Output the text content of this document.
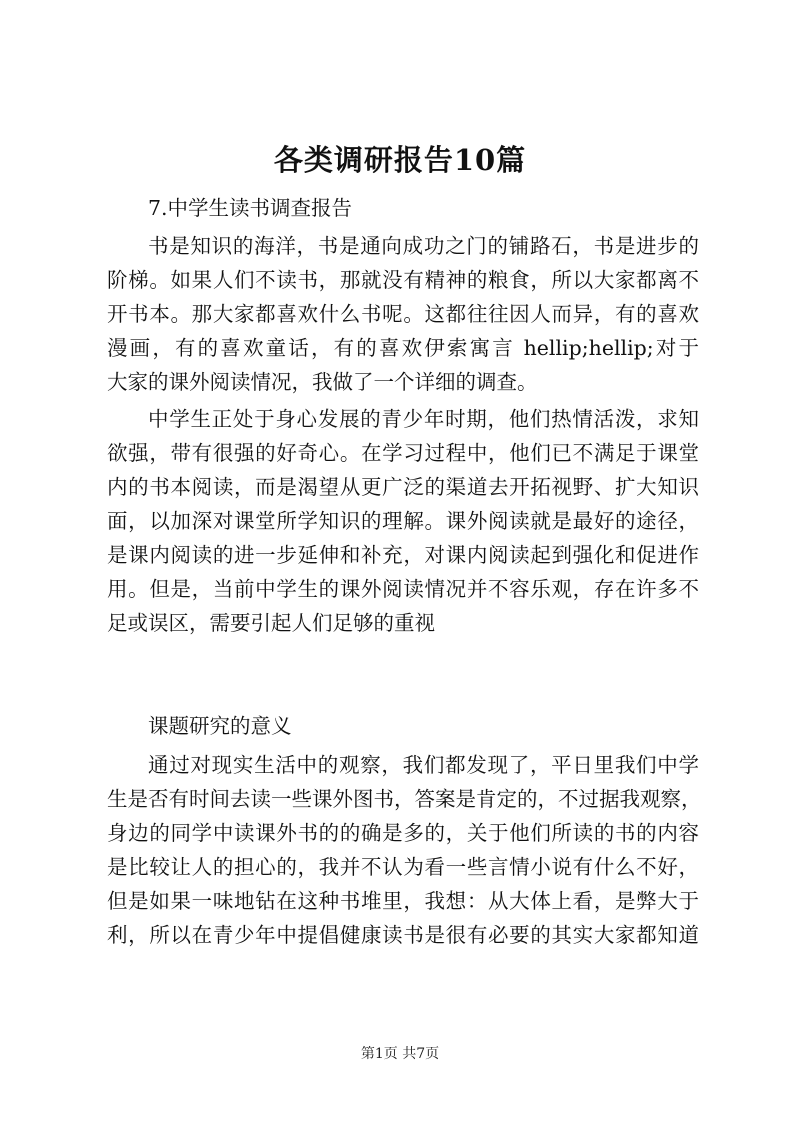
各类调研报告10篇
7.中学生读书调查报告
书是知识的海洋，书是通向成功之门的铺路石，书是进步的
阶梯。如果人们不读书，那就没有精神的粮食，所以大家都离不
开书本。那大家都喜欢什么书呢。这都往往因人而异，有的喜欢
漫画，有的喜欢童话，有的喜欢伊索寓言 hellip;hellip;对于
大家的课外阅读情况，我做了一个详细的调查。
中学生正处于身心发展的青少年时期，他们热情活泼，求知
欲强，带有很强的好奇心。在学习过程中，他们已不满足于课堂
内的书本阅读，而是渴望从更广泛的渠道去开拓视野、扩大知识
面，以加深对课堂所学知识的理解。课外阅读就是最好的途径，
是课内阅读的进一步延伸和补充，对课内阅读起到强化和促进作
用。但是，当前中学生的课外阅读情况并不容乐观，存在许多不
足或误区，需要引起人们足够的重视
课题研究的意义
通过对现实生活中的观察，我们都发现了，平日里我们中学
生是否有时间去读一些课外图书，答案是肯定的，不过据我观察，
身边的同学中读课外书的的确是多的，关于他们所读的书的内容
是比较让人的担心的，我并不认为看一些言情小说有什么不好，
但是如果一味地钻在这种书堆里，我想：从大体上看，是弊大于
利，所以在青少年中提倡健康读书是很有必要的其实大家都知道
第1页 共7页
